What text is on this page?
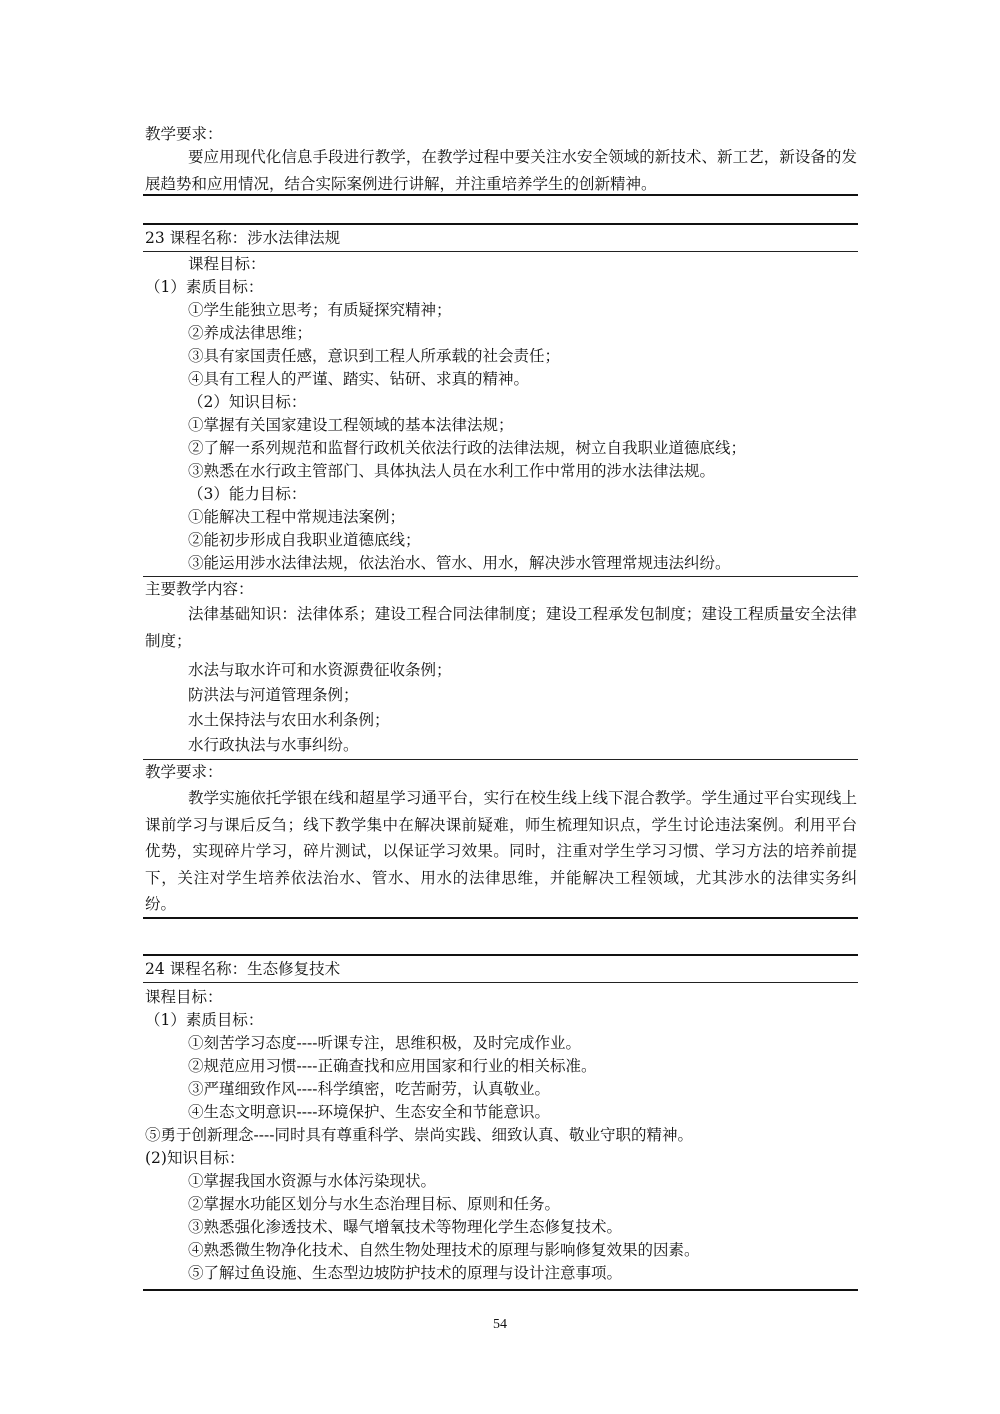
教学要求：
要应用现代化信息手段进行教学，在教学过程中要关注水安全领域的新技术、新工艺，新设备的发展趋势和应用情况，结合实际案例进行讲解，并注重培养学生的创新精神。
23 课程名称：涉水法律法规
课程目标：
（1）素质目标：
①学生能独立思考；有质疑探究精神；
②养成法律思维；
③具有家国责任感，意识到工程人所承载的社会责任；
④具有工程人的严谨、踏实、钻研、求真的精神。
（2）知识目标：
①掌握有关国家建设工程领域的基本法律法规；
②了解一系列规范和监督行政机关依法行政的法律法规，树立自我职业道德底线；
③熟悉在水行政主管部门、具体执法人员在水利工作中常用的涉水法律法规。
（3）能力目标：
①能解决工程中常规违法案例；
②能初步形成自我职业道德底线；
③能运用涉水法律法规，依法治水、管水、用水，解决涉水管理常规违法纠纷。
主要教学内容：
法律基础知识：法律体系；建设工程合同法律制度；建设工程承发包制度；建设工程质量安全法律制度；
水法与取水许可和水资源费征收条例；
防洪法与河道管理条例；
水土保持法与农田水利条例；
水行政执法与水事纠纷。
教学要求：
教学实施依托学银在线和超星学习通平台，实行在校生线上线下混合教学。学生通过平台实现线上课前学习与课后反刍；线下教学集中在解决课前疑难，师生梳理知识点，学生讨论违法案例。利用平台优势，实现碎片学习，碎片测试，以保证学习效果。同时，注重对学生学习习惯、学习方法的培养前提下，关注对学生培养依法治水、管水、用水的法律思维，并能解决工程领域，尤其涉水的法律实务纠纷。
24 课程名称：生态修复技术
课程目标：
（1）素质目标：
①刻苦学习态度----听课专注，思维积极，及时完成作业。
②规范应用习惯----正确查找和应用国家和行业的相关标准。
③严瑾细致作风----科学缜密，吃苦耐劳，认真敬业。
④生态文明意识----环境保护、生态安全和节能意识。
⑤勇于创新理念----同时具有尊重科学、崇尚实践、细致认真、敬业守职的精神。
(2)知识目标：
①掌握我国水资源与水体污染现状。
②掌握水功能区划分与水生态治理目标、原则和任务。
③熟悉强化渗透技术、曝气增氧技术等物理化学生态修复技术。
④熟悉微生物净化技术、自然生物处理技术的原理与影响修复效果的因素。
⑤了解过鱼设施、生态型边坡防护技术的原理与设计注意事项。
54
